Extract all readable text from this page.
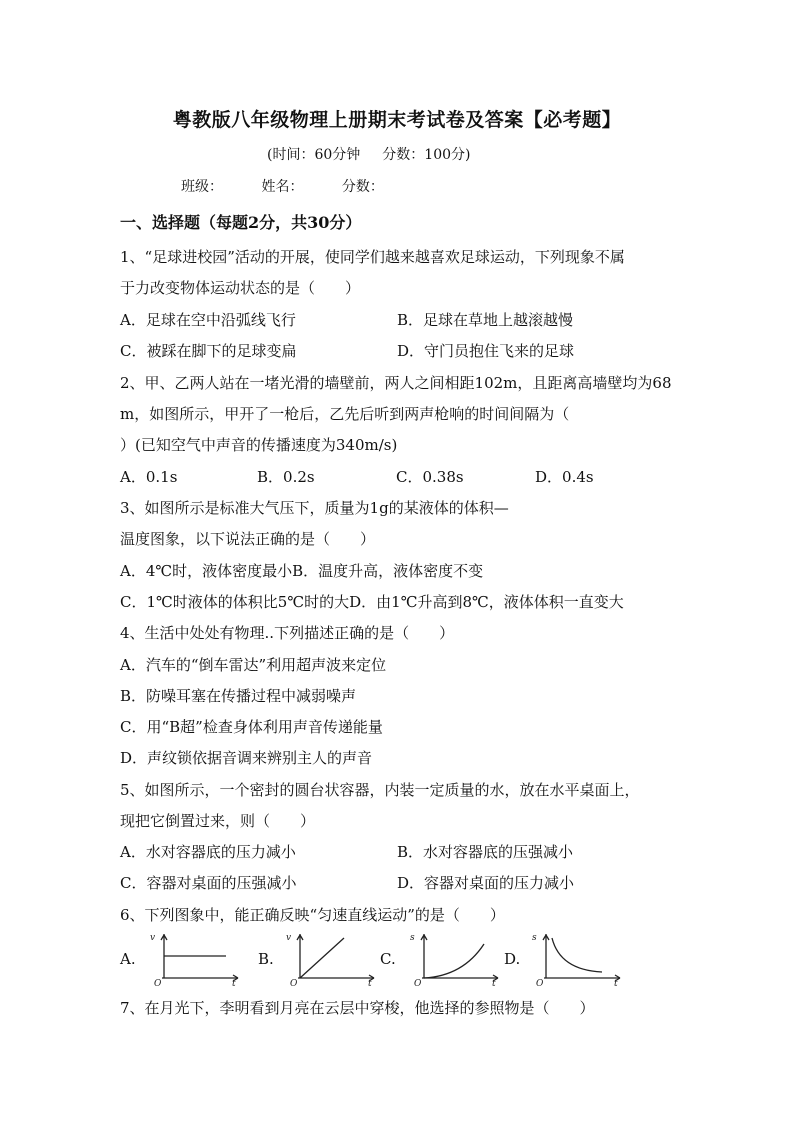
粤教版八年级物理上册期末考试卷及答案【必考题】
(时间：60分钟 分数：100分)
班级：	姓名：	分数：
一、选择题（每题2分，共30分）
1、“足球进校园”活动的开展，使同学们越来越喜欢足球运动，下列现象不属
于力改变物体运动状态的是（　　）
A．足球在空中沿弧线飞行	B．足球在草地上越滚越慢
C．被踩在脚下的足球变扁	D．守门员抱住飞来的足球
2、甲、乙两人站在一堵光滑的墙壁前，两人之间相距102m，且距离高墙壁均为68
m，如图所示，甲开了一枪后，乙先后听到两声枪响的时间间隔为（
）(已知空气中声音的传播速度为340m/s)
A．0.1s	B．0.2s	C．0.38s	D．0.4s
3、如图所示是标准大气压下，质量为1g的某液体的体积—
温度图象，以下说法正确的是（　　）
A．4℃时，液体密度最小B．温度升高，液体密度不变
C．1℃时液体的体积比5℃时的大D．由1℃升高到8℃，液体体积一直变大
4、生活中处处有物理..下列描述正确的是（　　）
A．汽车的“倒车雷达”利用超声波来定位
B．防噪耳塞在传播过程中减弱噪声
C．用“B超”检查身体利用声音传递能量
D．声纹锁依据音调来辨别主人的声音
5、如图所示，一个密封的圆台状容器，内装一定质量的水，放在水平桌面上，
现把它倒置过来，则（　　）
A．水对容器底的压力减小	B．水对容器底的压强减小
C．容器对桌面的压强减小	D．容器对桌面的压力减小
6、下列图象中，能正确反映“匀速直线运动”的是（　　）
A.
v
t
O
B.
v
t
O
C.
s
t
O
D.
s
t
O
7、在月光下，李明看到月亮在云层中穿梭，他选择的参照物是（　　）
